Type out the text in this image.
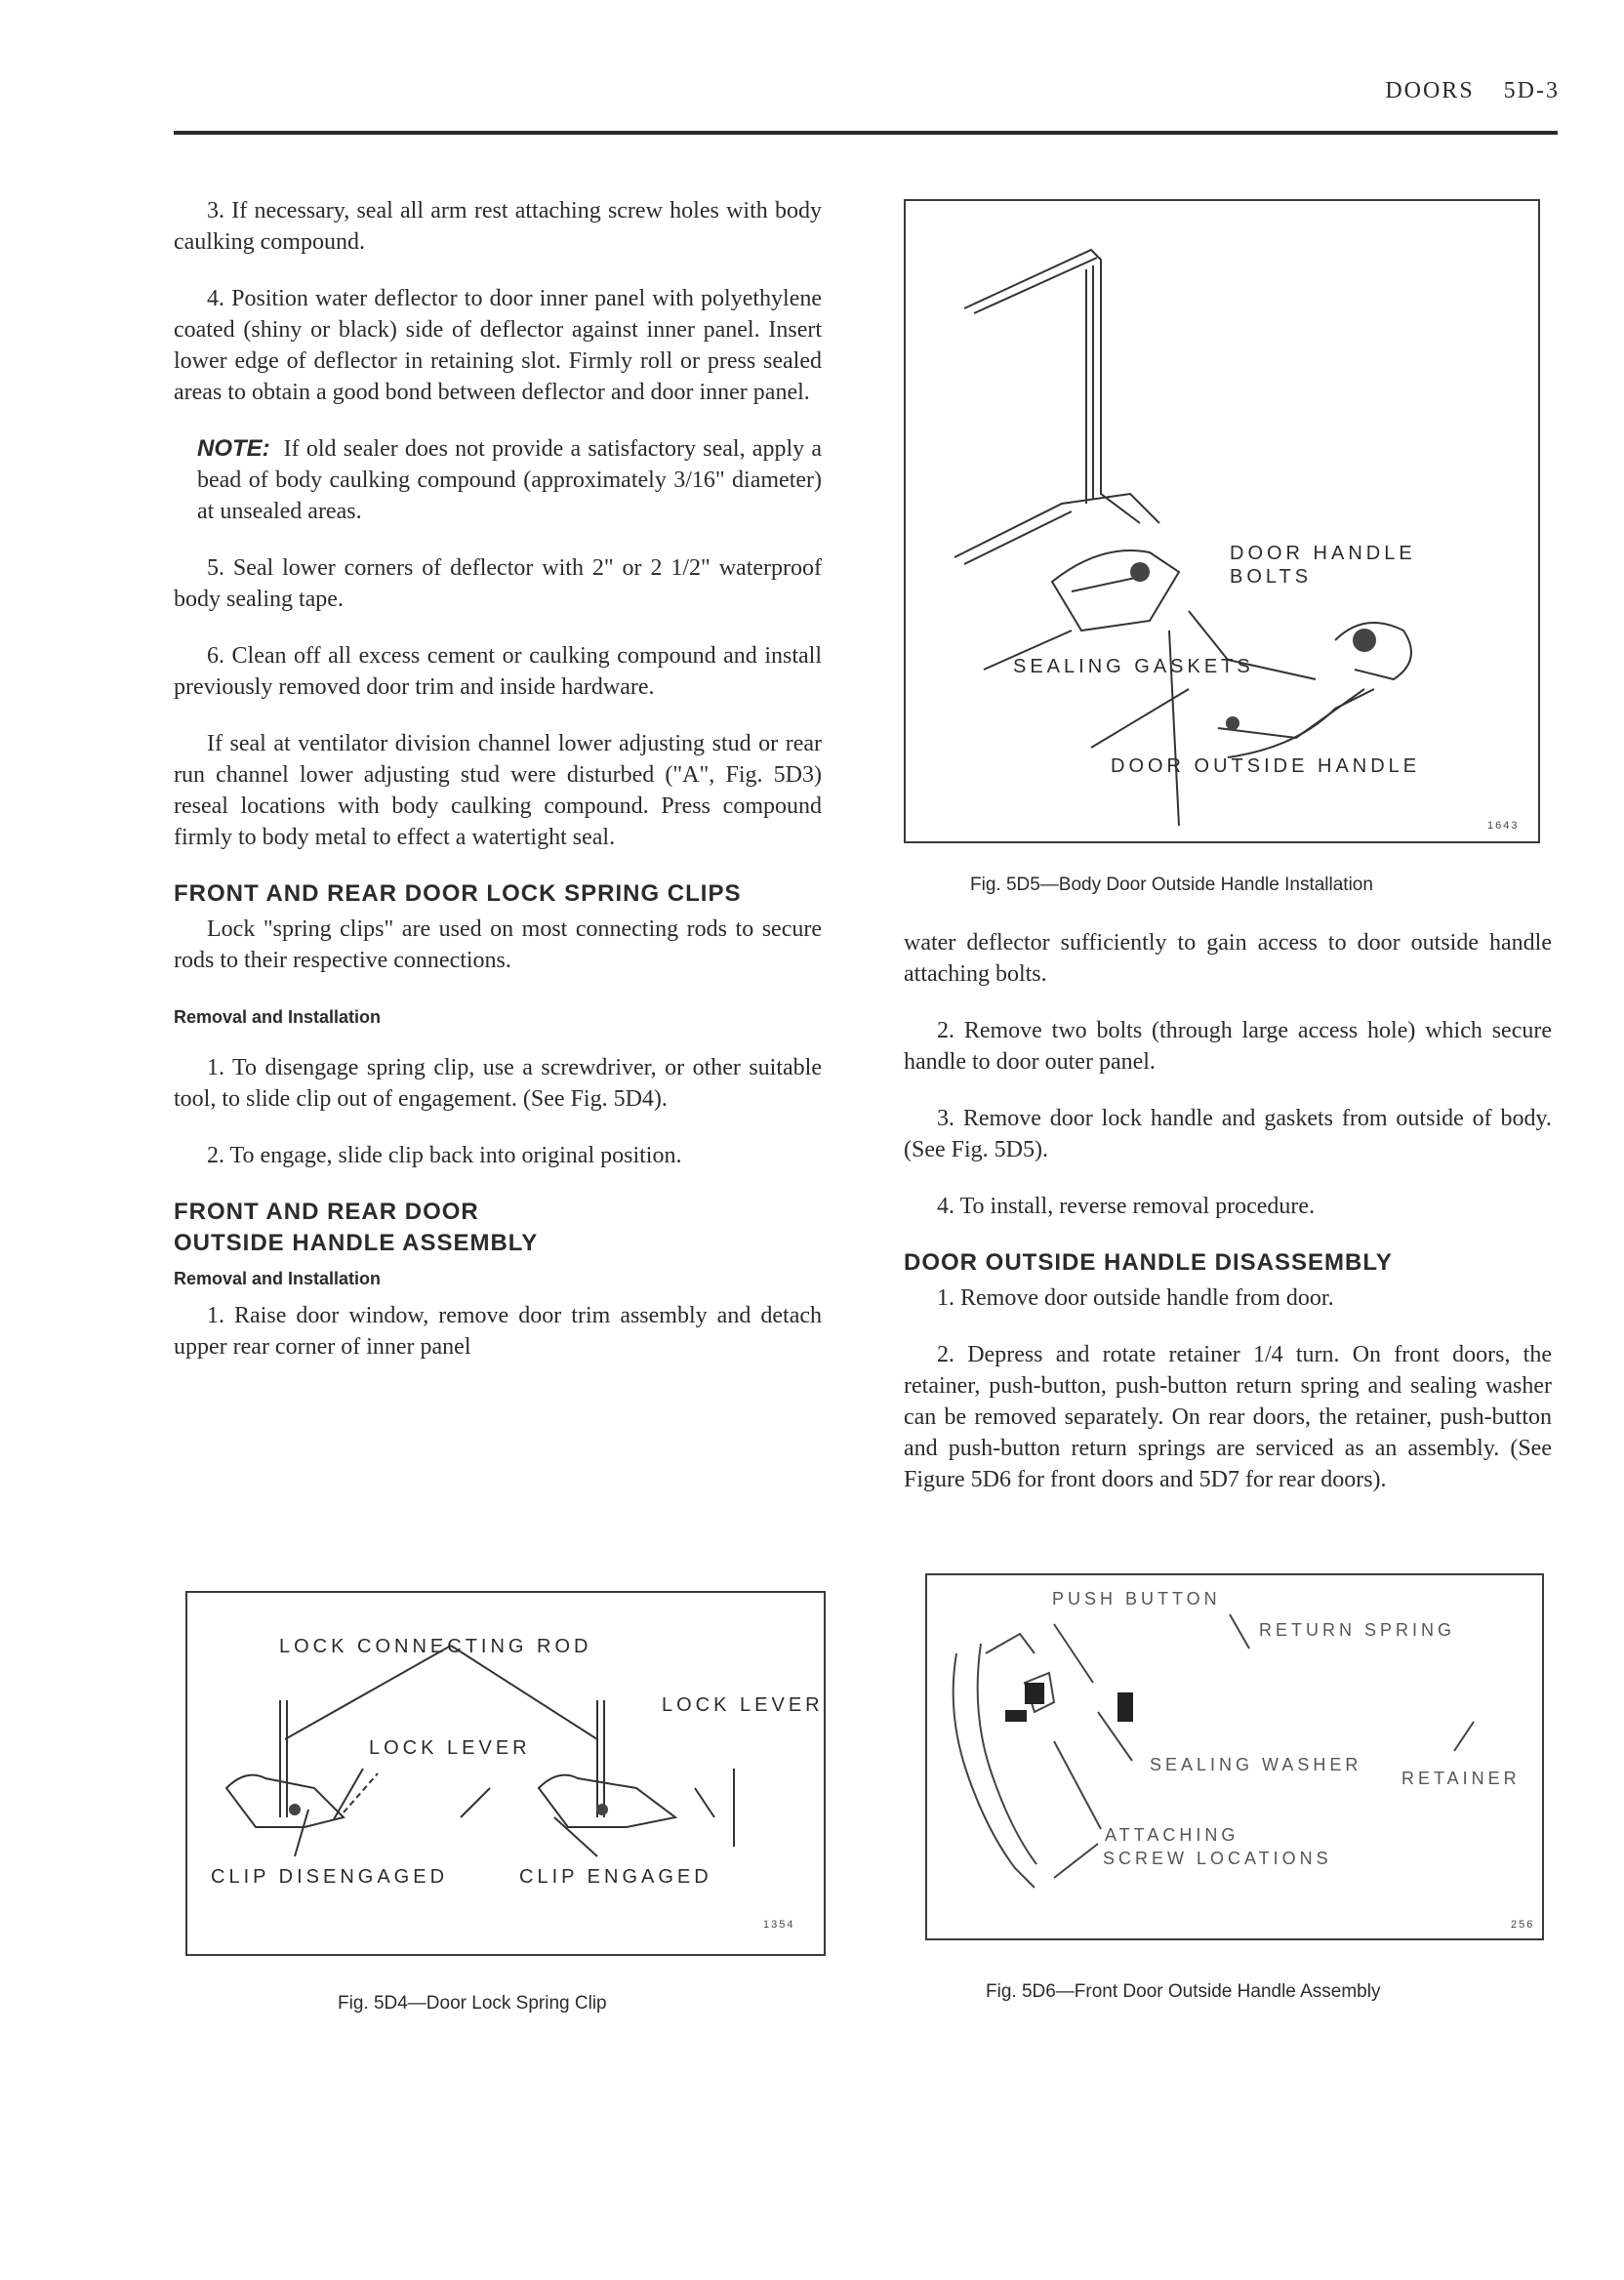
DOORS 5D-3

3. If necessary, seal all arm rest attaching screw holes with body caulking compound.

4. Position water deflector to door inner panel with polyethylene coated (shiny or black) side of deflector against inner panel. Insert lower edge of deflector in retaining slot. Firmly roll or press sealed areas to obtain a good bond between deflector and door inner panel.

NOTE: If old sealer does not provide a satisfactory seal, apply a bead of body caulking compound (approximately 3/16" diameter) at unsealed areas.

5. Seal lower corners of deflector with 2" or 2 1/2" waterproof body sealing tape.

6. Clean off all excess cement or caulking compound and install previously removed door trim and inside hardware.

If seal at ventilator division channel lower adjusting stud or rear run channel lower adjusting stud were disturbed ("A", Fig. 5D3) reseal locations with body caulking compound. Press compound firmly to body metal to effect a watertight seal.

FRONT AND REAR DOOR LOCK SPRING CLIPS

Lock "spring clips" are used on most connecting rods to secure rods to their respective connections.

Removal and Installation

1. To disengage spring clip, use a screwdriver, or other suitable tool, to slide clip out of engagement. (See Fig. 5D4).

2. To engage, slide clip back into original position.

FRONT AND REAR DOOR
OUTSIDE HANDLE ASSEMBLY
Removal and Installation

1. Raise door window, remove door trim assembly and detach upper rear corner of inner panel

DOOR HANDLE
BOLTS
SEALING GASKETS
DOOR OUTSIDE HANDLE
1643
Fig. 5D5—Body Door Outside Handle Installation

water deflector sufficiently to gain access to door outside handle attaching bolts.

2. Remove two bolts (through large access hole) which secure handle to door outer panel.

3. Remove door lock handle and gaskets from outside of body. (See Fig. 5D5).

4. To install, reverse removal procedure.

DOOR OUTSIDE HANDLE DISASSEMBLY

1. Remove door outside handle from door.

2. Depress and rotate retainer 1/4 turn. On front doors, the retainer, push-button, push-button return spring and sealing washer can be removed separately. On rear doors, the retainer, push-button and push-button return springs are serviced as an assembly. (See Figure 5D6 for front doors and 5D7 for rear doors).

LOCK CONNECTING ROD
LOCK LEVER
LOCK LEVER
CLIP DISENGAGED	CLIP ENGAGED
1354
Fig. 5D4—Door Lock Spring Clip
PUSH BUTTON
RETURN SPRING
SEALING WASHER
RETAINER
ATTACHING
SCREW LOCATIONS
256
Fig. 5D6—Front Door Outside Handle Assembly
